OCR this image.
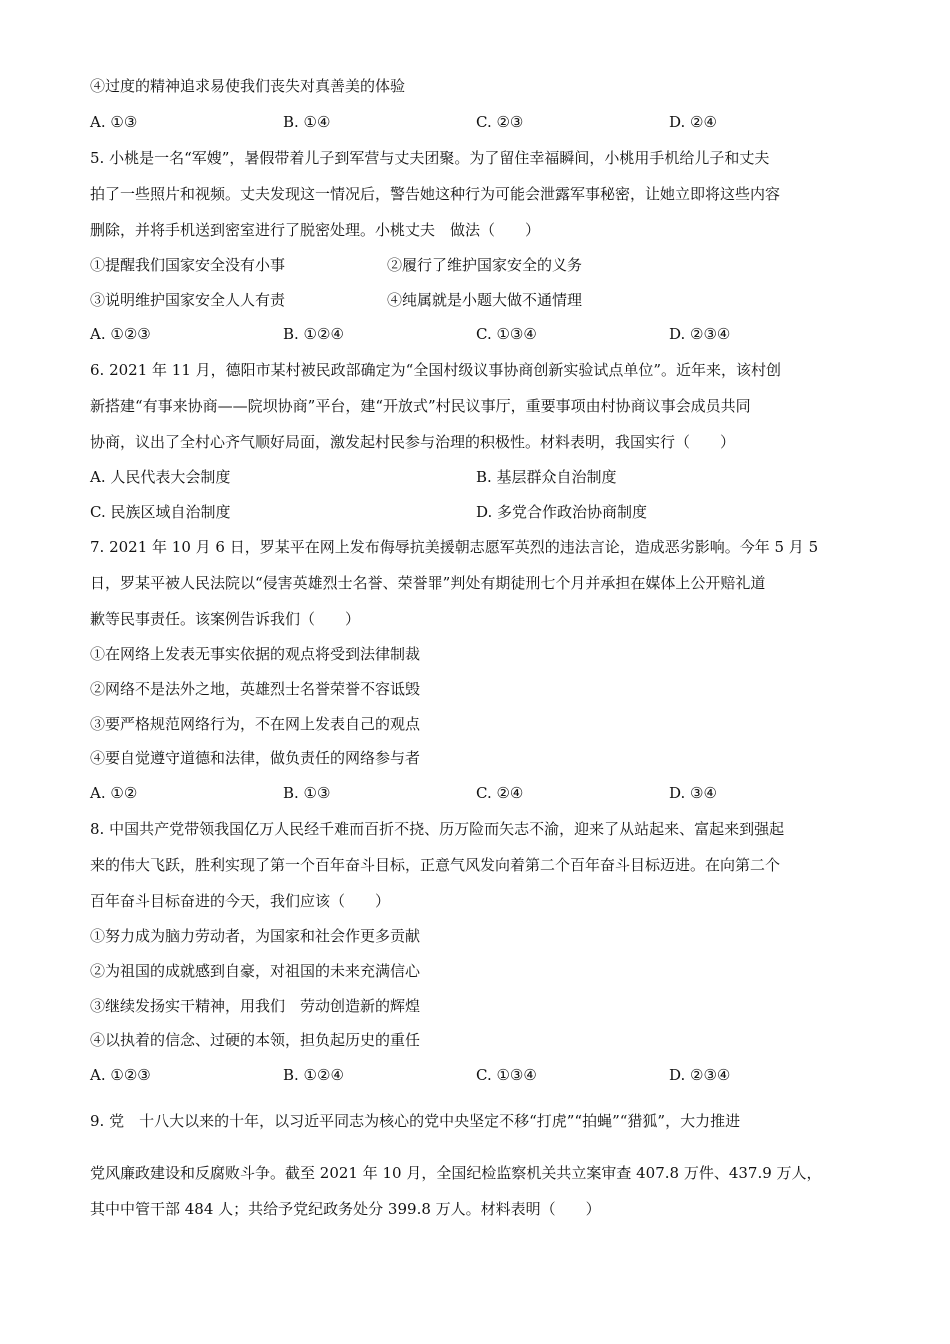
④过度的精神追求易使我们丧失对真善美的体验
A. ①③	B. ①④	C. ②③	D. ②④
5. 小桃是一名“军嫂”，暑假带着儿子到军营与丈夫团聚。为了留住幸福瞬间，小桃用手机给儿子和丈夫
拍了一些照片和视频。丈夫发现这一情况后，警告她这种行为可能会泄露军事秘密，让她立即将这些内容
删除，并将手机送到密室进行了脱密处理。小桃丈夫　做法（　　）
①提醒我们国家安全没有小事	②履行了维护国家安全的义务
③说明维护国家安全人人有责	④纯属就是小题大做不通情理
A. ①②③	B. ①②④	C. ①③④	D. ②③④
6. 2021 年 11 月，德阳市某村被民政部确定为“全国村级议事协商创新实验试点单位”。近年来，该村创
新搭建“有事来协商——院坝协商”平台，建“开放式”村民议事厅，重要事项由村协商议事会成员共同
协商，议出了全村心齐气顺好局面，激发起村民参与治理的积极性。材料表明，我国实行（　　）
A. 人民代表大会制度	B. 基层群众自治制度
C. 民族区域自治制度	D. 多党合作政治协商制度
7. 2021 年 10 月 6 日，罗某平在网上发布侮辱抗美援朝志愿军英烈的违法言论，造成恶劣影响。今年 5 月 5
日，罗某平被人民法院以“侵害英雄烈士名誉、荣誉罪”判处有期徒刑七个月并承担在媒体上公开赔礼道
歉等民事责任。该案例告诉我们（　　）
①在网络上发表无事实依据的观点将受到法律制裁
②网络不是法外之地，英雄烈士名誉荣誉不容诋毁
③要严格规范网络行为，不在网上发表自己的观点
④要自觉遵守道德和法律，做负责任的网络参与者
A. ①②	B. ①③	C. ②④	D. ③④
8. 中国共产党带领我国亿万人民经千难而百折不挠、历万险而矢志不渝，迎来了从站起来、富起来到强起
来的伟大飞跃，胜利实现了第一个百年奋斗目标，正意气风发向着第二个百年奋斗目标迈进。在向第二个
百年奋斗目标奋进的今天，我们应该（　　）
①努力成为脑力劳动者，为国家和社会作更多贡献
②为祖国的成就感到自豪，对祖国的未来充满信心
③继续发扬实干精神，用我们　劳动创造新的辉煌
④以执着的信念、过硬的本领，担负起历史的重任
A. ①②③	B. ①②④	C. ①③④	D. ②③④
9. 党　十八大以来的十年，以习近平同志为核心的党中央坚定不移“打虎”“拍蝇”“猎狐”，大力推进
党风廉政建设和反腐败斗争。截至 2021 年 10 月，全国纪检监察机关共立案审查 407.8 万件、437.9 万人，
其中中管干部 484 人；共给予党纪政务处分 399.8 万人。材料表明（　　）
